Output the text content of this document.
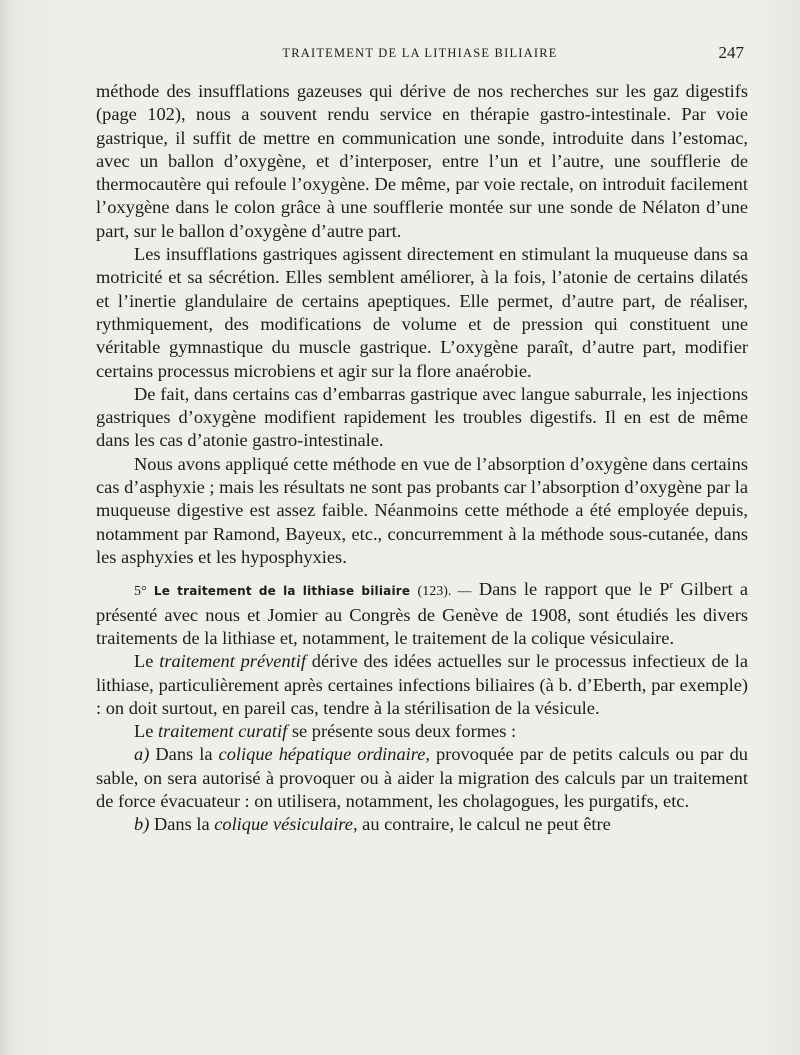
TRAITEMENT DE LA LITHIASE BILIAIRE	247

méthode des insufflations gazeuses qui dérive de nos recherches sur les gaz digestifs (page 102), nous a souvent rendu service en thérapie gastro-intestinale. Par voie gastrique, il suffit de mettre en communication une sonde, introduite dans l’estomac, avec un ballon d’oxygène, et d’interposer, entre l’un et l’autre, une soufflerie de thermocautère qui refoule l’oxygène. De même, par voie rectale, on introduit facilement l’oxygène dans le colon grâce à une soufflerie montée sur une sonde de Nélaton d’une part, sur le ballon d’oxygène d’autre part.

Les insufflations gastriques agissent directement en stimulant la muqueuse dans sa motricité et sa sécrétion. Elles semblent améliorer, à la fois, l’atonie de certains dilatés et l’inertie glandulaire de certains apeptiques. Elle permet, d’autre part, de réaliser, rythmiquement, des modifications de volume et de pression qui constituent une véritable gymnastique du muscle gastrique. L’oxygène paraît, d’autre part, modifier certains processus microbiens et agir sur la flore anaérobie.

De fait, dans certains cas d’embarras gastrique avec langue saburrale, les injections gastriques d’oxygène modifient rapidement les troubles digestifs. Il en est de même dans les cas d’atonie gastro-intestinale.

Nous avons appliqué cette méthode en vue de l’absorption d’oxygène dans certains cas d’asphyxie ; mais les résultats ne sont pas probants car l’absorption d’oxygène par la muqueuse digestive est assez faible. Néanmoins cette méthode a été employée depuis, notamment par Ramond, Bayeux, etc., concurremment à la méthode sous-cutanée, dans les asphyxies et les hyposphyxies.

5° Le traitement de la lithiase biliaire (123). — Dans le rapport que le $P^r$ Gilbert a présenté avec nous et Jomier au Congrès de Genève de 1908, sont étudiés les divers traitements de la lithiase et, notamment, le traitement de la colique vésiculaire.

Le traitement préventif dérive des idées actuelles sur le processus infectieux de la lithiase, particulièrement après certaines infections biliaires (à b. d’Eberth, par exemple) : on doit surtout, en pareil cas, tendre à la stérilisation de la vésicule.

Le traitement curatif se présente sous deux formes :

a) Dans la colique hépatique ordinaire, provoquée par de petits calculs ou par du sable, on sera autorisé à provoquer ou à aider la migration des calculs par un traitement de force évacuateur : on utilisera, notamment, les cholagogues, les purgatifs, etc.

b) Dans la colique vésiculaire, au contraire, le calcul ne peut être
